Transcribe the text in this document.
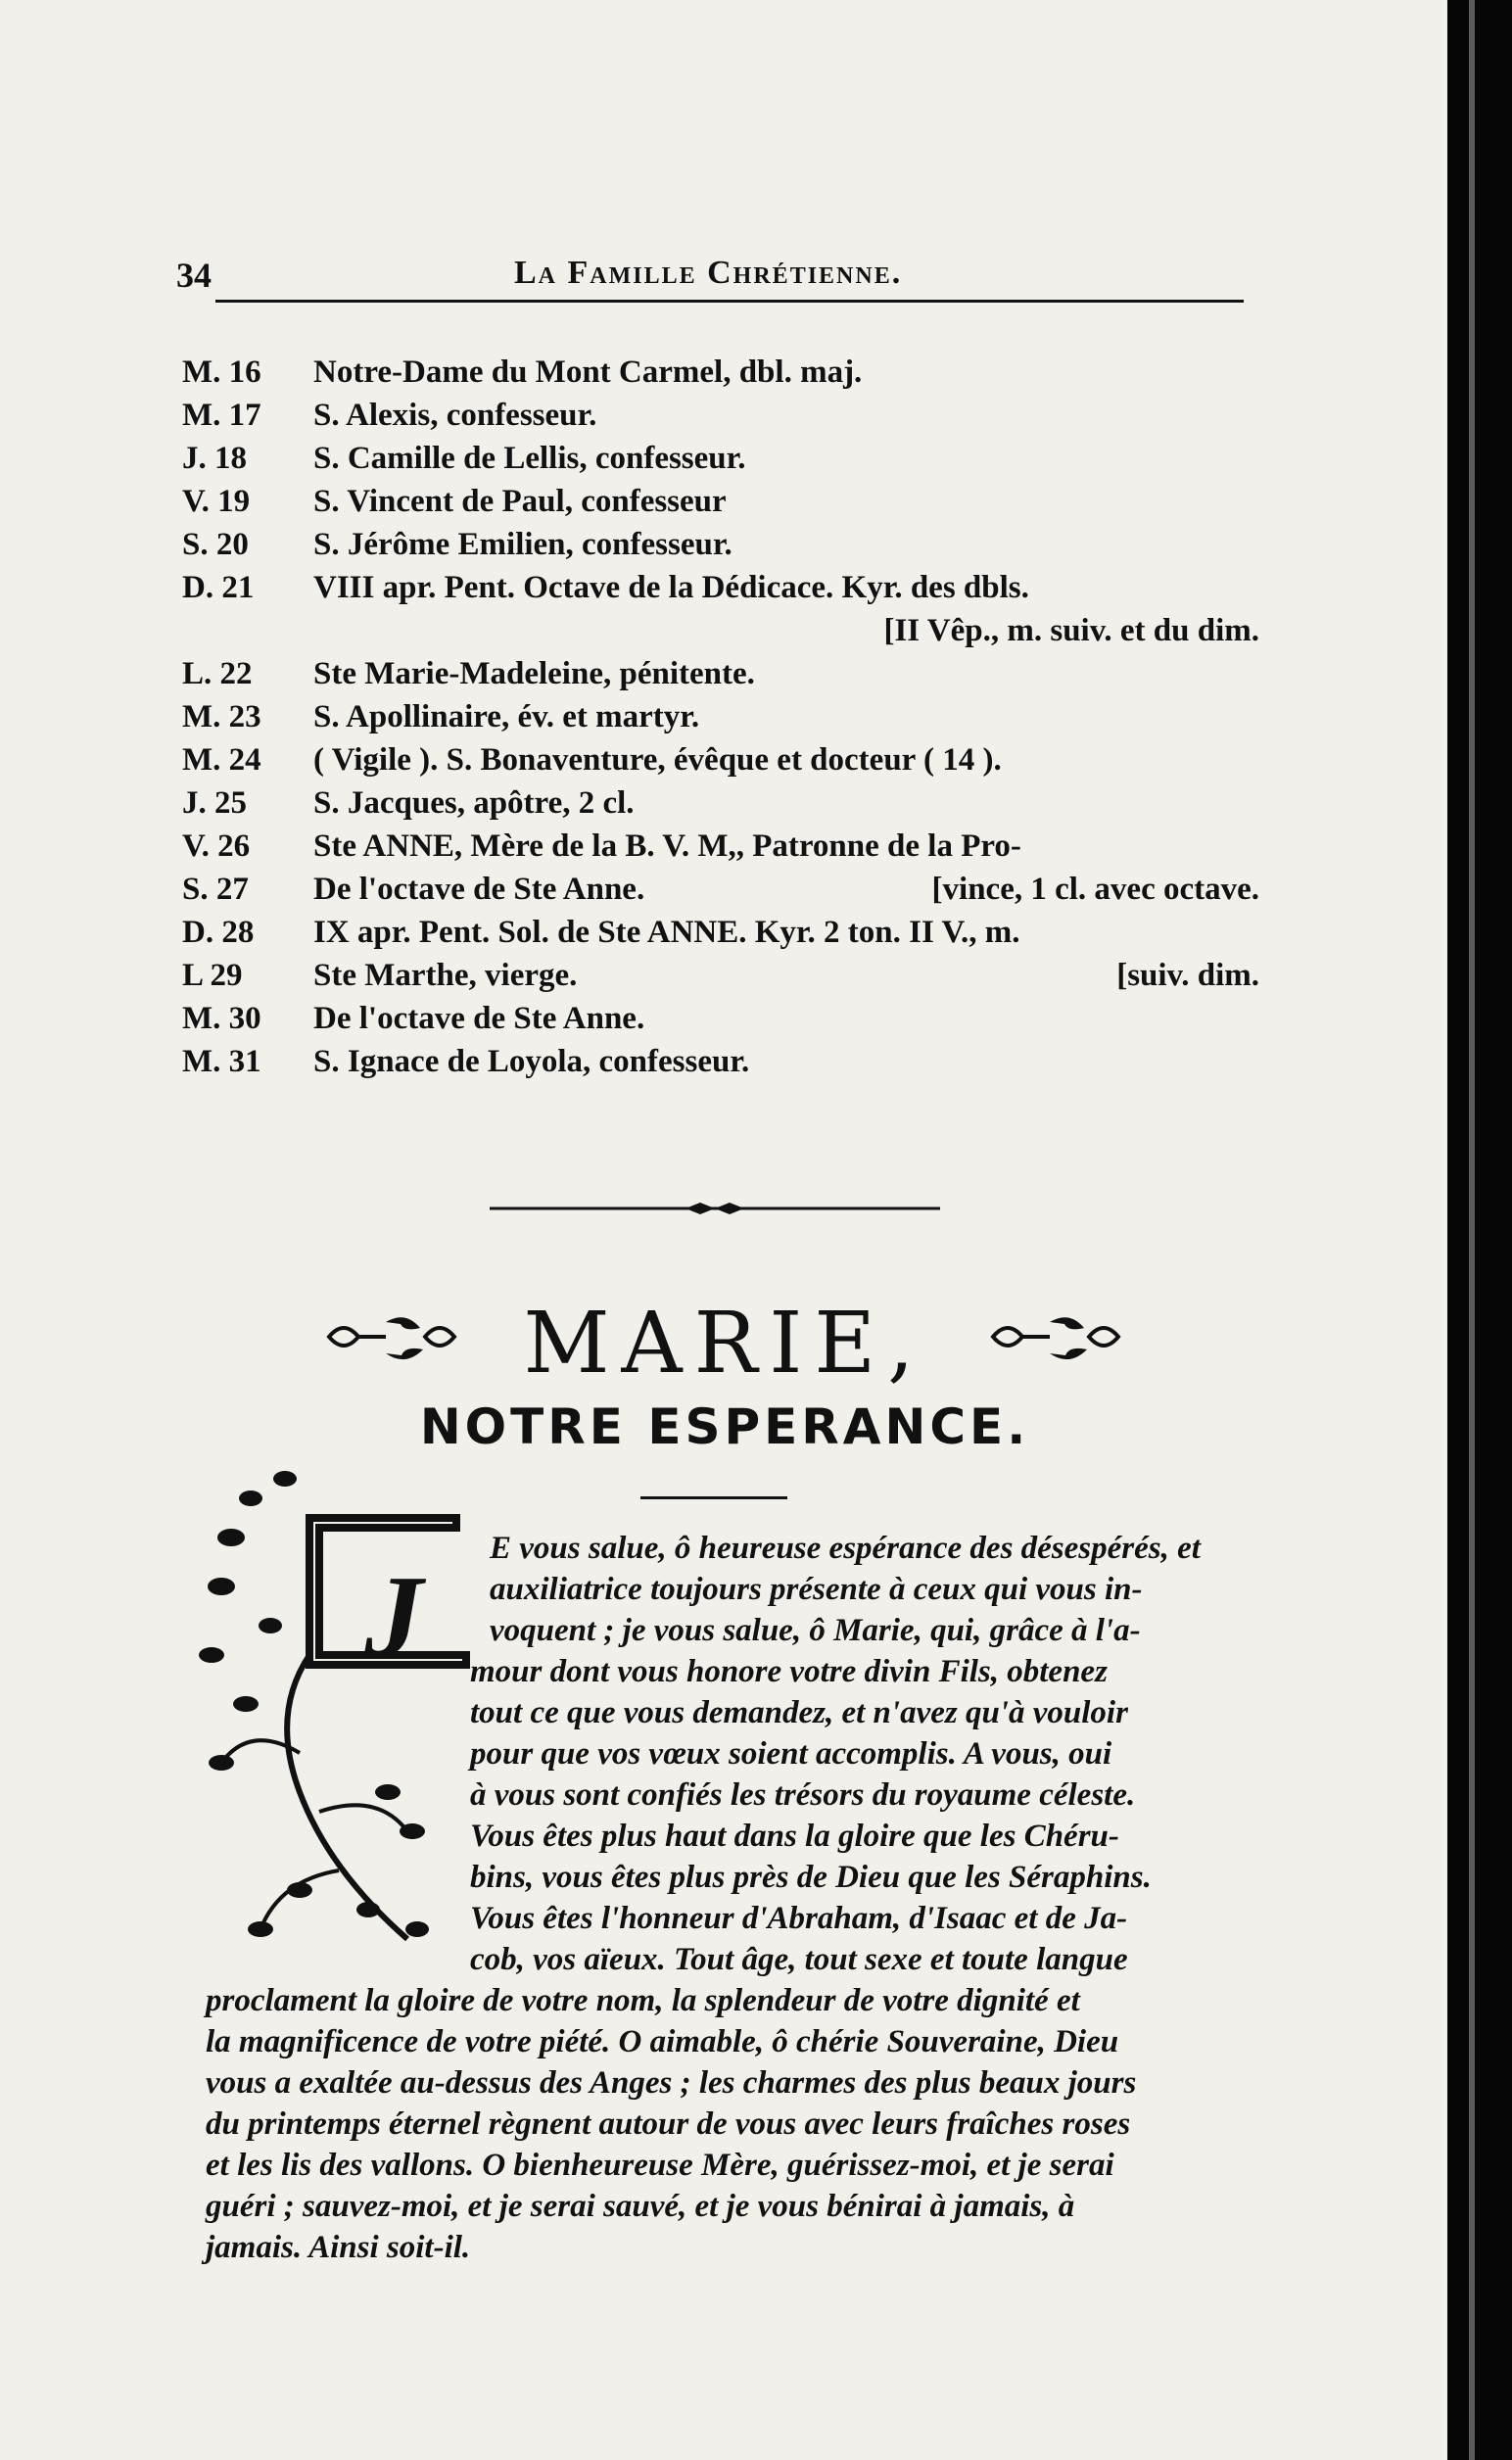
34	La Famille Chrétienne.
M. 16	Notre-Dame du Mont Carmel, dbl. maj.
M. 17	S. Alexis, confesseur.
J. 18	S. Camille de Lellis, confesseur.
V. 19	S. Vincent de Paul, confesseur
S. 20	S. Jérôme Emilien, confesseur.
D. 21	VIII apr. Pent. Octave de la Dédicace. Kyr. des dbls.
[II Vêp., m. suiv. et du dim.
L. 22	Ste Marie-Madeleine, pénitente.
M. 23	S. Apollinaire, év. et martyr.
M. 24	( Vigile ). S. Bonaventure, évêque et docteur ( 14 ).
J. 25	S. Jacques, apôtre, 2 cl.
V. 26	Ste ANNE, Mère de la B. V. M,, Patronne de la Pro-
S. 27	De l'octave de Ste Anne.	[vince, 1 cl. avec octave.
D. 28	IX apr. Pent. Sol. de Ste ANNE. Kyr. 2 ton. II V., m.
L 29	Ste Marthe, vierge.	[suiv. dim.
M. 30	De l'octave de Ste Anne.
M. 31	S. Ignace de Loyola, confesseur.
MARIE,
NOTRE ESPERANCE.
J
E vous salue, ô heureuse espérance des désespérés, et
auxiliatrice toujours présente à ceux qui vous in-
voquent ; je vous salue, ô Marie, qui, grâce à l'a-
mour dont vous honore votre divin Fils, obtenez
tout ce que vous demandez, et n'avez qu'à vouloir
pour que vos vœux soient accomplis. A vous, oui
à vous sont confiés les trésors du royaume céleste.
Vous êtes plus haut dans la gloire que les Chéru-
bins, vous êtes plus près de Dieu que les Séraphins.
Vous êtes l'honneur d'Abraham, d'Isaac et de Ja-
cob, vos aïeux. Tout âge, tout sexe et toute langue
proclament la gloire de votre nom, la splendeur de votre dignité et
la magnificence de votre piété. O aimable, ô chérie Souveraine, Dieu
vous a exaltée au-dessus des Anges ; les charmes des plus beaux jours
du printemps éternel règnent autour de vous avec leurs fraîches roses
et les lis des vallons. O bienheureuse Mère, guérissez-moi, et je serai
guéri ; sauvez-moi, et je serai sauvé, et je vous bénirai à jamais, à
jamais. Ainsi soit-il.
